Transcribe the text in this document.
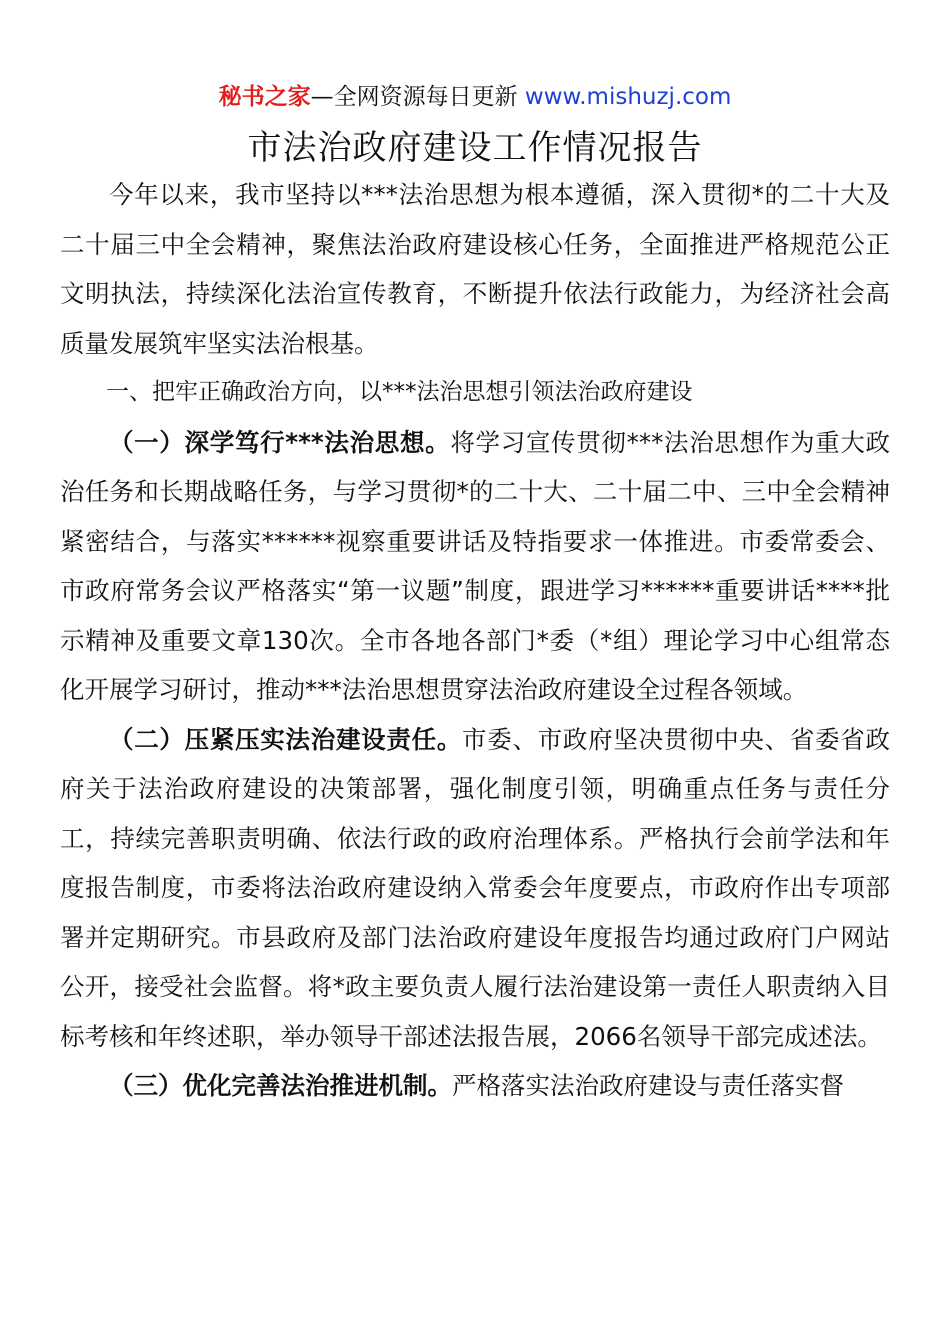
秘书之家—全网资源每日更新 www.mishuzj.com
市法治政府建设工作情况报告

今年以来，我市坚持以***法治思想为根本遵循，深入贯彻*的二十大及二十届三中全会精神，聚焦法治政府建设核心任务，全面推进严格规范公正文明执法，持续深化法治宣传教育，不断提升依法行政能力，为经济社会高质量发展筑牢坚实法治根基。

一、把牢正确政治方向，以***法治思想引领法治政府建设

（一）深学笃行***法治思想。将学习宣传贯彻***法治思想作为重大政治任务和长期战略任务，与学习贯彻*的二十大、二十届二中、三中全会精神紧密结合，与落实******视察重要讲话及特指要求一体推进。市委常委会、市政府常务会议严格落实“第一议题”制度，跟进学习******重要讲话****批示精神及重要文章130次。全市各地各部门*委（*组）理论学习中心组常态化开展学习研讨，推动***法治思想贯穿法治政府建设全过程各领域。

（二）压紧压实法治建设责任。市委、市政府坚决贯彻中央、省委省政府关于法治政府建设的决策部署，强化制度引领，明确重点任务与责任分工，持续完善职责明确、依法行政的政府治理体系。严格执行会前学法和年度报告制度，市委将法治政府建设纳入常委会年度要点，市政府作出专项部署并定期研究。市县政府及部门法治政府建设年度报告均通过政府门户网站公开，接受社会监督。将*政主要负责人履行法治建设第一责任人职责纳入目标考核和年终述职，举办领导干部述法报告展，2066名领导干部完成述法。

（三）优化完善法治推进机制。严格落实法治政府建设与责任落实督
